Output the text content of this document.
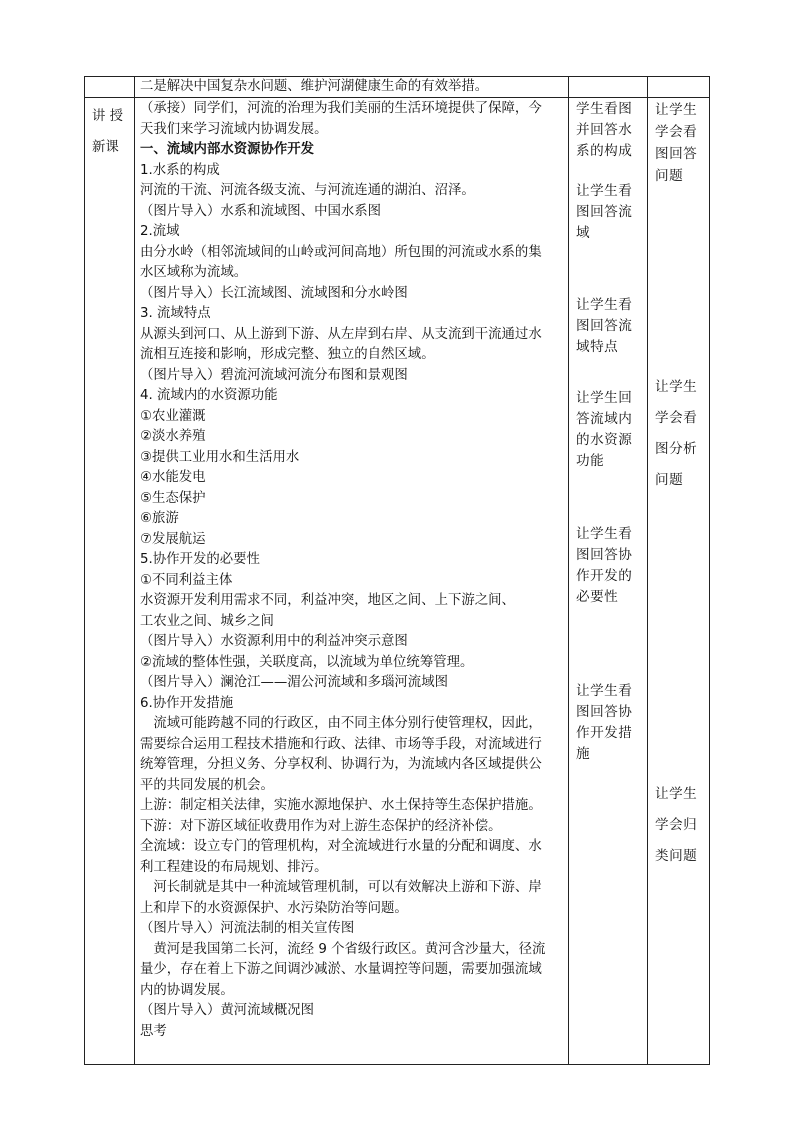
二是解决中国复杂水问题、维护河湖健康生命的有效举措。
讲 授
新课
（承接）同学们，河流的治理为我们美丽的生活环境提供了保障，今
天我们来学习流域内协调发展。
一、流域内部水资源协作开发
1.水系的构成
河流的干流、河流各级支流、与河流连通的湖泊、沼泽。
（图片导入）水系和流域图、中国水系图
2.流域
由分水岭（相邻流域间的山岭或河间高地）所包围的河流或水系的集
水区域称为流域。
（图片导入）长江流域图、流域图和分水岭图
3. 流域特点
从源头到河口、从上游到下游、从左岸到右岸、从支流到干流通过水
流相互连接和影响，形成完整、独立的自然区域。
（图片导入）碧流河流域河流分布图和景观图
4. 流域内的水资源功能
①农业灌溉
②淡水养殖
③提供工业用水和生活用水
④水能发电
⑤生态保护
⑥旅游
⑦发展航运
5.协作开发的必要性
①不同利益主体
水资源开发利用需求不同，利益冲突，地区之间、上下游之间、
工农业之间、城乡之间
（图片导入）水资源利用中的利益冲突示意图
②流域的整体性强，关联度高，以流域为单位统筹管理。
（图片导入）澜沧江——湄公河流域和多瑙河流域图
6.协作开发措施
　流域可能跨越不同的行政区，由不同主体分别行使管理权，因此，
需要综合运用工程技术措施和行政、法律、市场等手段，对流域进行
统筹管理，分担义务、分享权利、协调行为，为流域内各区域提供公
平的共同发展的机会。
上游：制定相关法律，实施水源地保护、水土保持等生态保护措施。
下游：对下游区域征收费用作为对上游生态保护的经济补偿。
全流域：设立专门的管理机构，对全流域进行水量的分配和调度、水
利工程建设的布局规划、排污。
　河长制就是其中一种流域管理机制，可以有效解决上游和下游、岸
上和岸下的水资源保护、水污染防治等问题。
（图片导入）河流法制的相关宣传图
　黄河是我国第二长河，流经 9 个省级行政区。黄河含沙量大，径流
量少，存在着上下游之间调沙减淤、水量调控等问题，需要加强流域
内的协调发展。
（图片导入）黄河流域概况图
思考
学生看图
并回答水
系的构成
让学生看
图回答流
域
让学生看
图回答流
域特点
让学生回
答流域内
的水资源
功能
让学生看
图回答协
作开发的
必要性
让学生看
图回答协
作开发措
施
让学生
学会看
图回答
问题
让学生
学会看
图分析
问题
让学生
学会归
类问题
